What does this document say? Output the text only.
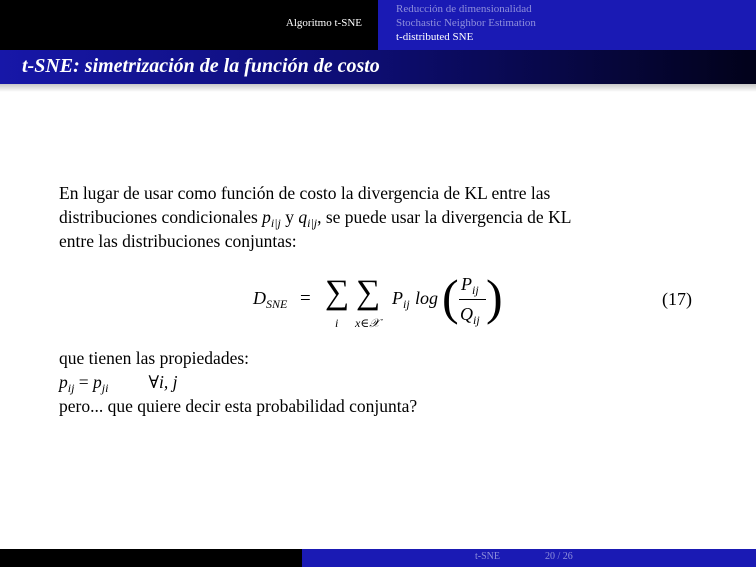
Algoritmo t-SNE
Reducción de dimensionalidad
Stochastic Neighbor Estimation
t-distributed SNE
t-SNE: simetrización de la función de costo

En lugar de usar como función de costo la divergencia de KL entre las

distribuciones condicionales $p_{i|j}$ y $q_{i|j}$, se puede usar la divergencia de KL

entre las distribuciones conjuntas:

$D_{SNE}$ = ∑ ∑
i x∈𝒳
$P_{ij}$ log ( $P_{ij}$
$Q_{ij}$ )	(17)

que tienen las propiedades:

$p_{ij} = p_{ji}$ ∀i, j

pero... que quiere decir esta probabilidad conjunta?

t-SNE	20 / 26
